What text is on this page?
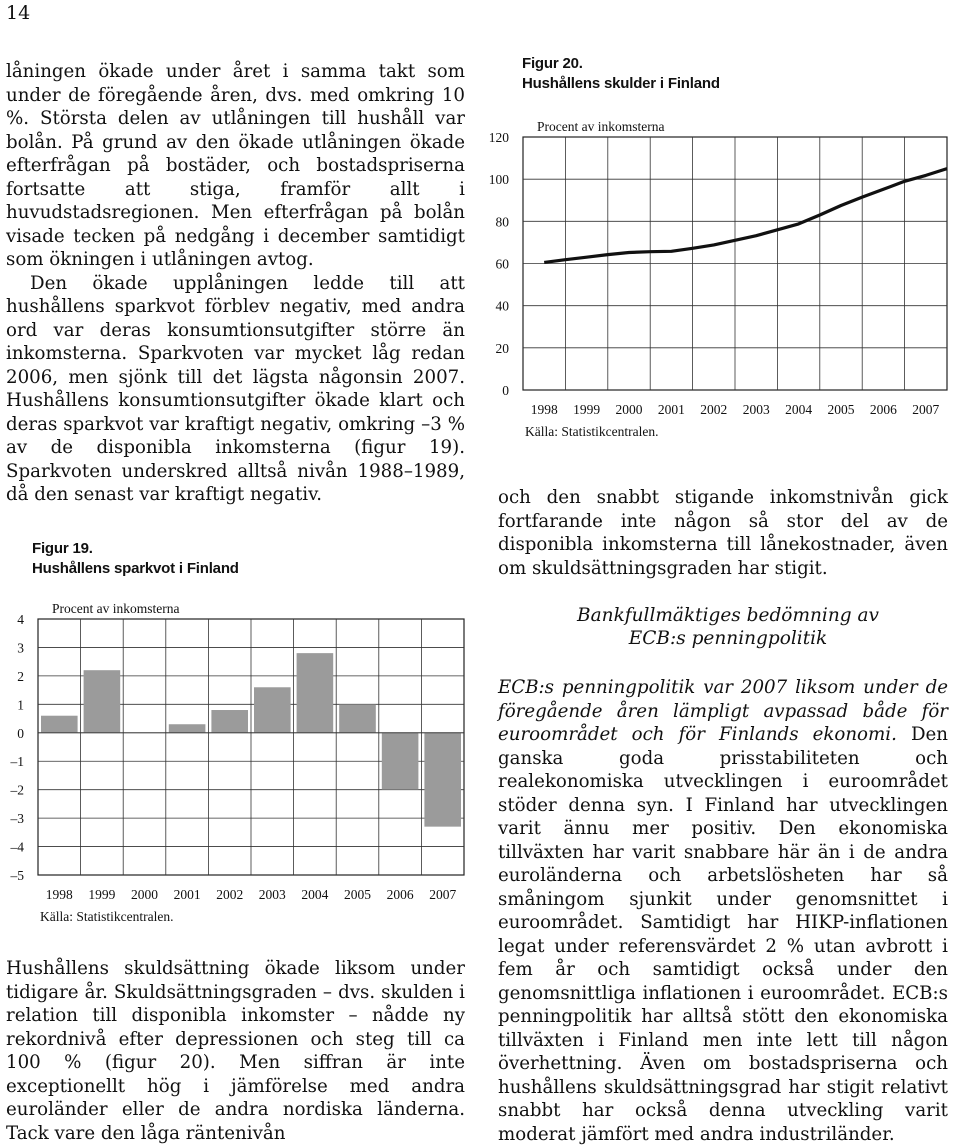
14

låningen ökade under året i samma takt som under de föregående åren, dvs. med omkring 10 %. Största delen av utlåningen till hushåll var bolån. På grund av den ökade utlåningen ökade efterfrågan på bostäder, och bostadspriserna fortsatte att stiga, framför allt i huvudstadsregionen. Men efterfrågan på bolån visade tecken på nedgång i december samtidigt som ökningen i utlåningen avtog.

Den ökade upplåningen ledde till att hushållens sparkvot förblev negativ, med andra ord var deras konsumtionsutgifter större än inkomsterna. Sparkvoten var mycket låg redan 2006, men sjönk till det lägsta någonsin 2007. Hushållens konsumtionsutgifter ökade klart och deras sparkvot var kraftigt negativ, omkring –3 % av de disponibla inkomsterna (figur 19). Sparkvoten underskred alltså nivån 1988–1989, då den senast var kraftigt negativ.

Figur 19.
Hushållens sparkvot i Finland
4
3
2
1
0
–1
–2
–3
–4
–5
Procent av inkomsterna
1998 1999 2000 2001 2002 2003 2004 2005 2006 2007
Källa: Statistikcentralen.

Hushållens skuldsättning ökade liksom under tidigare år. Skuldsättningsgraden – dvs. skulden i relation till disponibla inkomster – nådde ny rekordnivå efter depressionen och steg till ca 100 % (figur 20). Men siffran är inte exceptionellt hög i jämförelse med andra euroländer eller de andra nordiska länderna. Tack vare den låga räntenivån

Figur 20.
Hushållens skulder i Finland
120
100
80
60
40
20
0
Procent av inkomsterna
1998 1999 2000 2001 2002 2003 2004 2005 2006 2007
Källa: Statistikcentralen.

och den snabbt stigande inkomstnivån gick fortfarande inte någon så stor del av de disponibla inkomsterna till lånekostnader, även om skuldsättningsgraden har stigit.

Bankfullmäktiges bedömning av
ECB:s penningpolitik

ECB:s penningpolitik var 2007 liksom under de föregående åren lämpligt avpassad både för euroområdet och för Finlands ekonomi. Den ganska goda prisstabiliteten och realekonomiska utvecklingen i euroområdet stöder denna syn. I Finland har utvecklingen varit ännu mer positiv. Den ekonomiska tillväxten har varit snabbare här än i de andra euroländerna och arbetslösheten har så småningom sjunkit under genomsnittet i euroområdet. Samtidigt har HIKP-inflationen legat under referensvärdet 2 % utan avbrott i fem år och samtidigt också under den genomsnittliga inflationen i euroområdet. ECB:s penningpolitik har alltså stött den ekonomiska tillväxten i Finland men inte lett till någon överhettning. Även om bostadspriserna och hushållens skuldsättningsgrad har stigit relativt snabbt har också denna utveckling varit moderat jämfört med andra industriländer.
